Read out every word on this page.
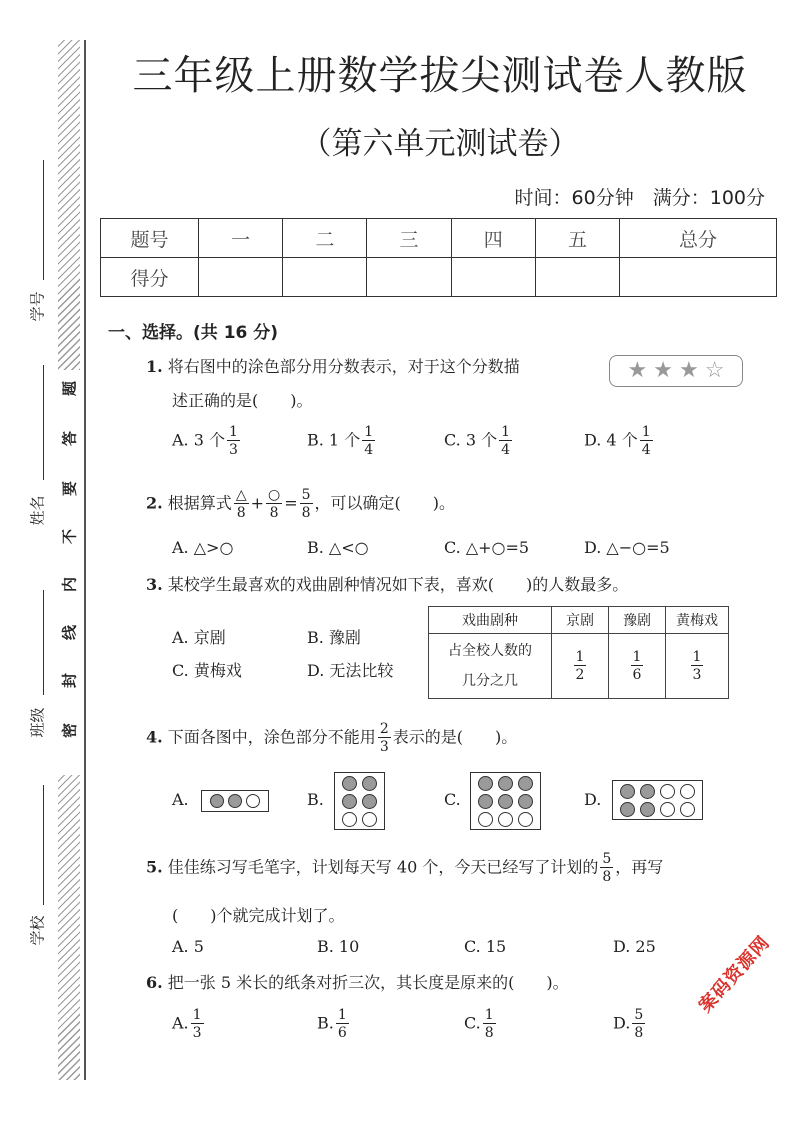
学号
姓名
班级
学校
题
答
要
不
内
线
封
密
三年级上册数学拔尖测试卷人教版
（第六单元测试卷）
时间：60分钟　满分：100分
题号	一	二	三	四	五	总分
得分						
一、选择。(共 16 分)
1. 将右图中的涂色部分用分数表示，对于这个分数描
述正确的是(　　)。
★ ★ ★ ☆
A. 3 个 $\frac{1}{3}$	B. 1 个 $\frac{1}{4}$	C. 3 个 $\frac{1}{4}$	D. 4 个 $\frac{1}{4}$
2. 根据算式 $\frac{\triangle}{8} + \frac{○}{8} = \frac{5}{8}$ ，可以确定(　　)。
A. △>○	B. △<○	C. △+○=5	D. △−○=5
3. 某校学生最喜欢的戏曲剧种情况如下表，喜欢(　　)的人数最多。
A. 京剧	B. 豫剧
C. 黄梅戏	D. 无法比较
戏曲剧种	京剧	豫剧	黄梅戏
占全校人数的
几分之几	$\frac{1}{2}$	$\frac{1}{6}$	$\frac{1}{3}$
4. 下面各图中，涂色部分不能用 $\frac{2}{3}$ 表示的是(　　)。
A.	B.	C.	D.
5. 佳佳练习写毛笔字，计划每天写 40 个，今天已经写了计划的 $\frac{5}{8}$ ，再写
(　　)个就完成计划了。
A. 5	B. 10	C. 15	D. 25
6. 把一张 5 米长的纸条对折三次，其长度是原来的(　　)。
A. $\frac{1}{3}$	B. $\frac{1}{6}$	C. $\frac{1}{8}$	D. $\frac{5}{8}$
案码资源网
